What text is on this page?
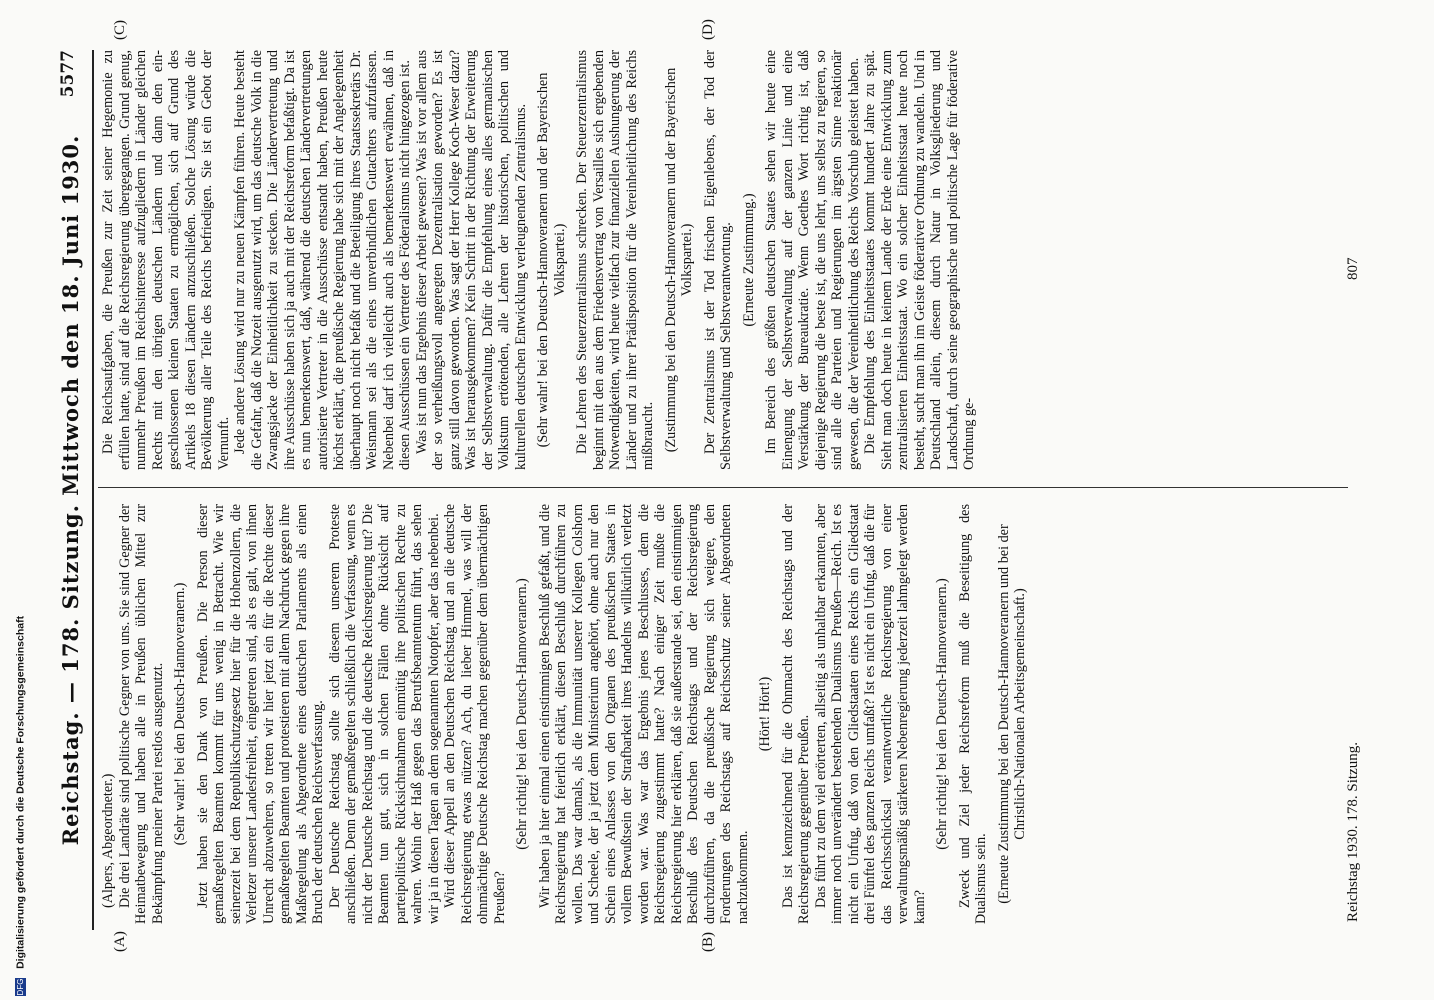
Reichstag. — 178. Sitzung. Mittwoch den 18. Juni 1930.
5577
(A)	(B)
(C)	(D)

(Alpers, Abgeordneter.) Die drei Landräte sind politische Gegner von uns. Sie sind Gegner der Heimatbewegung und haben alle in Preußen üblichen Mittel zur Bekämpfung meiner Partei restlos ausgenutzt. (Sehr wahr! bei den Deutsch-Hannoveranern.) Jetzt haben sie den Dank von Preußen. Die Person dieser gemaßregelten Beamten kommt für uns wenig in Betracht. Wie wir seinerzeit bei dem Republikschutzgesetz hier für die Hohenzollern, die Verletzer unserer Landesfreiheit, eingetreten sind, als es galt, von ihnen Unrecht abzuwehren, so treten wir hier jetzt ein für die Rechte dieser gemaßregelten Beamten und protestieren mit allem Nachdruck gegen ihre Maßregelung als Abgeordnete eines deutschen Parlaments als einen Bruch der deutschen Reichsverfassung. Der Deutsche Reichstag sollte sich diesem unserem Proteste anschließen. Denn der gemaßregelten schließlich die Verfassung, wenn es nicht der Deutsche Reichstag und die deutsche Reichsregierung tut? Die Beamten tun gut, sich in solchen Fällen ohne Rücksicht auf parteipolitische Rücksichtnahmen einmütig ihre politischen Rechte zu wahren. Wohin der Haß gegen das Berufsbeamtentum führt, das sehen wir ja in diesen Tagen an dem sogenannten Notopfer, aber das nebenbei. Wird dieser Appell an den Deutschen Reichstag und an die deutsche Reichsregierung etwas nützen? Ach, du lieber Himmel, was will der ohnmächtige Deutsche Reichstag machen gegenüber dem übermächtigen Preußen?

(Sehr richtig! bei den Deutsch-Hannoveranern.) Wir haben ja hier einmal einen einstimmigen Beschluß gefaßt, und die Reichsregierung hat feierlich erklärt, diesen Beschluß durchführen zu wollen. Das war damals, als die Immunität unserer Kollegen Colshorn und Scheele, der ja jetzt dem Ministerium angehört, ohne auch nur den Schein eines Anlasses von den Organen des preußischen Staates in vollem Bewußtsein der Strafbarkeit ihres Handelns willkürlich verletzt worden war. Was war das Ergebnis jenes Beschlusses, dem die Reichsregierung zugestimmt hatte? Nach einiger Zeit mußte die Reichsregierung hier erklären, daß sie außerstande sei, den einstimmigen Beschluß des Deutschen Reichstags und der Reichsregierung durchzuführen, da die preußische Regierung sich weigere, den Forderungen des Reichstags auf Reichsschutz seiner Abgeordneten nachzukommen.

(Hört! Hört!) Das ist kennzeichnend für die Ohnmacht des Reichstags und der Reichsregierung gegenüber Preußen. Das führt zu dem viel erörterten, allseitig als unhaltbar erkannten, aber immer noch unverändert bestehenden Dualismus Preußen—Reich. Ist es nicht ein Unfug, daß von den Gliedstaaten eines Reichs ein Gliedstaat drei Fünftel des ganzen Reichs umfaßt? Ist es nicht ein Unfug, daß die für das Reichsschicksal verantwortliche Reichsregierung von einer verwaltungsmäßig stärkeren Nebenregierung jederzeit lahmgelegt werden kann?

(Sehr richtig! bei den Deutsch-Hannoveranern.) Zweck und Ziel jeder Reichsreform muß die Beseitigung des Dualismus sein. (Erneute Zustimmung bei den Deutsch-Hannoveranern und bei der Christlich-Nationalen Arbeitsgemeinschaft.)

Die Reichsaufgaben, die Preußen zur Zeit seiner Hegemonie zu erfüllen hatte, sind auf die Reichsregierung übergegangen. Grund genug, nunmehr Preußen im Reichsinteresse aufzugliedern in Länder gleichen Rechts mit den übrigen deutschen Ländern und dann den eingeschlossenen kleinen Staaten zu ermöglichen, sich auf Grund des Artikels 18 diesen Ländern anzuschließen. Solche Lösung würde die Bevölkerung aller Teile des Reichs befriedigen. Sie ist ein Gebot der Vernunft. Jede andere Lösung wird nur zu neuen Kämpfen führen. Heute besteht die Gefahr, daß die Notzeit ausgenutzt wird, um das deutsche Volk in die Zwangsjacke der Einheitlichkeit zu stecken. Die Ländervertretung und ihre Ausschüsse haben sich ja auch mit der Reichsreform befaßtigt. Da ist es nun bemerkenswert, daß, während die deutschen Ländervertretungen autorisierte Vertreter in die Ausschüsse entsandt haben, Preußen heute höchst erklärt, die preußische Regierung habe sich mit der Angelegenheit überhaupt noch nicht befaßt und die Beteiligung ihres Staatssekretärs Dr. Weismann sei als die eines unverbindlichen Gutachters aufzufassen. Nebenbei darf ich vielleicht auch als bemerkenswert erwähnen, daß in diesen Ausschüssen ein Vertreter des Föderalismus nicht hingezogen ist. Was ist nun das Ergebnis dieser Arbeit gewesen? Was ist vor allem aus der so verheißungsvoll angeregten Dezentralisation geworden? Es ist ganz still davon geworden. Was sagt der Herr Kollege Koch-Weser dazu? Was ist herausgekommen? Kein Schritt in der Richtung der Erweiterung der Selbstverwaltung. Dafür die Empfehlung eines alles germanischen Volkstum ertötenden, alle Lehren der historischen, politischen und kulturellen deutschen Entwicklung verleugnenden Zentralismus. (Sehr wahr! bei den Deutsch-Hannoveranern und der Bayerischen Volkspartei.) Die Lehren des Steuerzentralismus schrecken. Der Steuerzentralismus beginnt mit den aus dem Friedensvertrag von Versailles sich ergebenden Notwendigkeiten, wird heute vielfach zur finanziellen Aushungerung der Länder und zu ihrer Prädisposition für die Vereinheitlichung des Reichs mißbraucht. (Zustimmung bei den Deutsch-Hannoveranern und der Bayerischen Volkspartei.) Der Zentralismus ist der Tod frischen Eigenlebens, der Tod der Selbstverwaltung und Selbstverantwortung. (Erneute Zustimmung.) Im Bereich des größten deutschen Staates sehen wir heute eine Einengung der Selbstverwaltung auf der ganzen Linie und eine Verstärkung der Bureaukratie. Wenn Goethes Wort richtig ist, daß diejenige Regierung die beste ist, die uns lehrt, uns selbst zu regieren, so sind alle die Parteien und Regierungen im ärgsten Sinne reaktionär gewesen, die der Vereinheitlichung des Reichs Vorschub geleistet haben. Die Empfehlung des Einheitsstaates kommt hundert Jahre zu spät. Sieht man doch heute in keinem Lande der Erde eine Entwicklung zum zentralisierten Einheitsstaat. Wo ein solcher Einheitsstaat heute noch besteht, sucht man ihn im Geiste föderativer Ordnung zu wandeln. Und in Deutschland allein, diesem durch Natur in Volksgliederung und Landschaft, durch seine geographische und politische Lage für föderative Ordnung ge-

Reichstag 1930. 178. Sitzung.
807
DFG Digitalisierung gefördert durch die Deutsche Forschungsgemeinschaft
